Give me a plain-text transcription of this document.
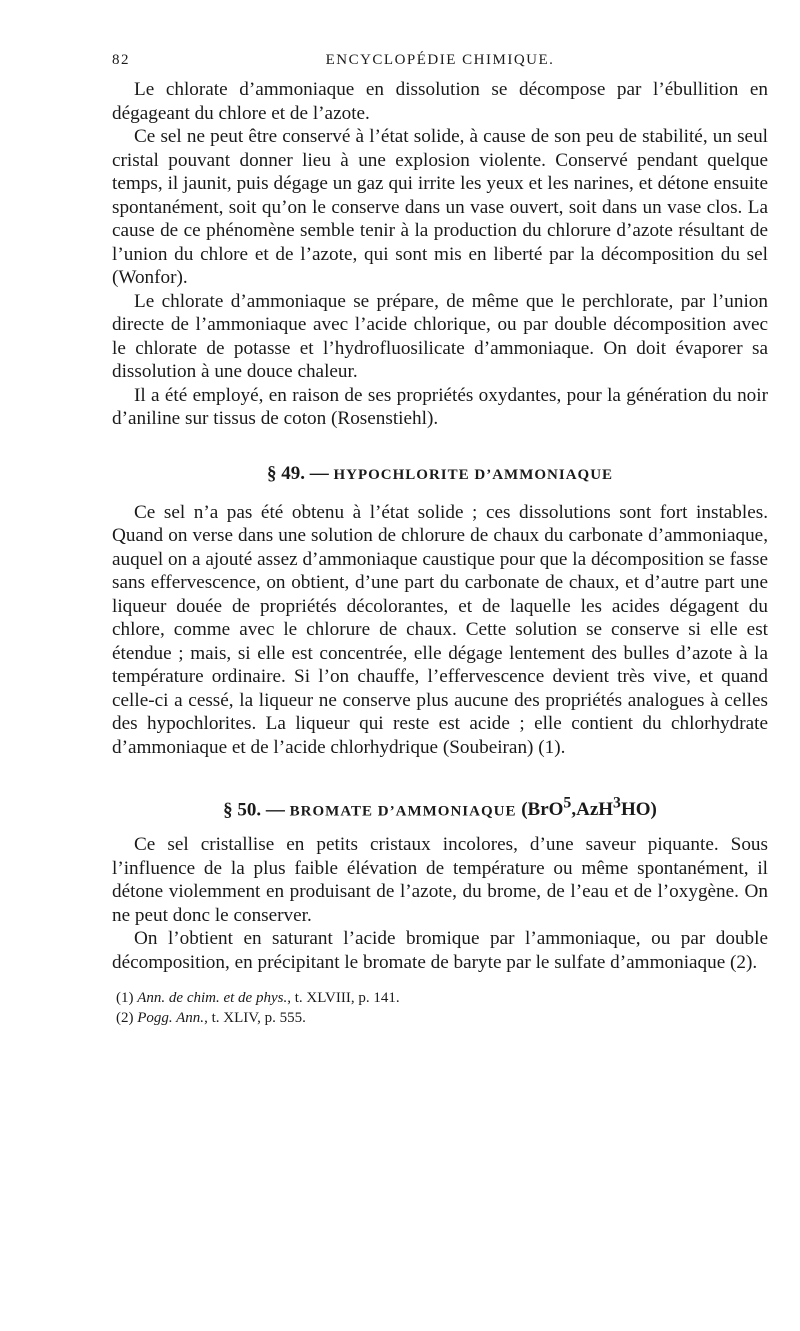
82	ENCYCLOPÉDIE CHIMIQUE.

Le chlorate d’ammoniaque en dissolution se décompose par l’ébullition en dégageant du chlore et de l’azote.

Ce sel ne peut être conservé à l’état solide, à cause de son peu de stabilité, un seul cristal pouvant donner lieu à une explosion violente. Conservé pendant quelque temps, il jaunit, puis dégage un gaz qui irrite les yeux et les narines, et détone ensuite spontanément, soit qu’on le conserve dans un vase ouvert, soit dans un vase clos. La cause de ce phénomène semble tenir à la production du chlorure d’azote résultant de l’union du chlore et de l’azote, qui sont mis en liberté par la décomposition du sel (Wonfor).

Le chlorate d’ammoniaque se prépare, de même que le perchlorate, par l’union directe de l’ammoniaque avec l’acide chlorique, ou par double décomposition avec le chlorate de potasse et l’hydrofluosilicate d’ammoniaque. On doit évaporer sa dissolution à une douce chaleur.

Il a été employé, en raison de ses propriétés oxydantes, pour la génération du noir d’aniline sur tissus de coton (Rosenstiehl).

§ 49. — HYPOCHLORITE D’AMMONIAQUE

Ce sel n’a pas été obtenu à l’état solide ; ces dissolutions sont fort instables. Quand on verse dans une solution de chlorure de chaux du carbonate d’ammoniaque, auquel on a ajouté assez d’ammoniaque caustique pour que la décomposition se fasse sans effervescence, on obtient, d’une part du carbonate de chaux, et d’autre part une liqueur douée de propriétés décolorantes, et de laquelle les acides dégagent du chlore, comme avec le chlorure de chaux. Cette solution se conserve si elle est étendue ; mais, si elle est concentrée, elle dégage lentement des bulles d’azote à la température ordinaire. Si l’on chauffe, l’effervescence devient très vive, et quand celle-ci a cessé, la liqueur ne conserve plus aucune des propriétés analogues à celles des hypochlorites. La liqueur qui reste est acide ; elle contient du chlorhydrate d’ammoniaque et de l’acide chlorhydrique (Soubeiran) (1).

§ 50. — BROMATE D’AMMONIAQUE (BrO$^5$,AzH$^3$HO)

Ce sel cristallise en petits cristaux incolores, d’une saveur piquante. Sous l’influence de la plus faible élévation de température ou même spontanément, il détone violemment en produisant de l’azote, du brome, de l’eau et de l’oxygène. On ne peut donc le conserver.

On l’obtient en saturant l’acide bromique par l’ammoniaque, ou par double décomposition, en précipitant le bromate de baryte par le sulfate d’ammoniaque (2).

(1) Ann. de chim. et de phys., t. XLVIII, p. 141.
(2) Pogg. Ann., t. XLIV, p. 555.
